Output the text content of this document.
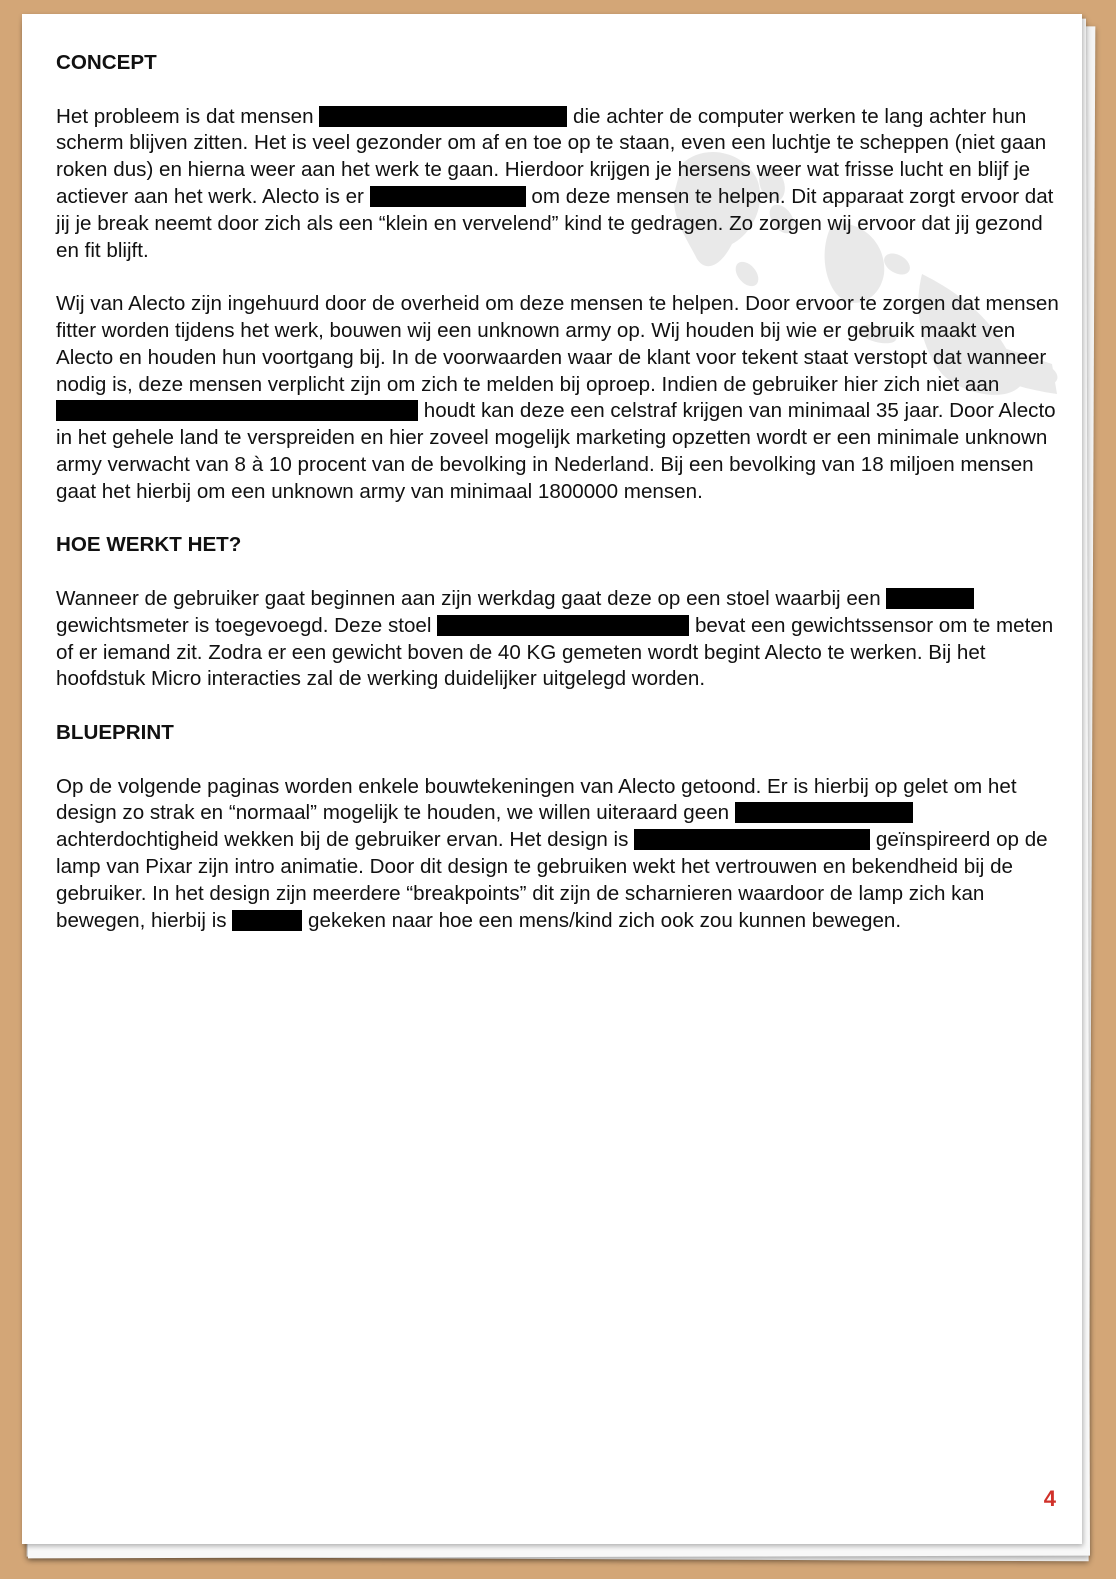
CONCEPT

Het probleem is dat mensen	die achter de computer werken te lang achter hun scherm blijven zitten. Het is veel gezonder om af en toe op te staan, even een luchtje te scheppen (niet gaan roken dus) en hierna weer aan het werk te gaan. Hierdoor krijgen je hersens weer wat frisse lucht en blijf je actiever aan het werk. Alecto is er	om deze mensen te helpen. Dit apparaat zorgt ervoor dat jij je break neemt door zich als een “klein en vervelend” kind te gedragen. Zo zorgen wij ervoor dat jij gezond en fit blijft.

Wij van Alecto zijn ingehuurd door de overheid om deze mensen te helpen. Door ervoor te zorgen dat mensen fitter worden tijdens het werk, bouwen wij een unknown army op. Wij houden bij wie er gebruik maakt ven Alecto en houden hun voortgang bij. In de voorwaarden waar de klant voor tekent staat verstopt dat wanneer nodig is, deze mensen verplicht zijn om zich te melden bij oproep. Indien de gebruiker hier zich niet aan  houdt kan deze een celstraf krijgen van minimaal 35 jaar. Door Alecto in het gehele land te verspreiden en hier zoveel mogelijk marketing opzetten wordt er een minimale unknown army verwacht van 8 à 10 procent van de bevolking in Nederland. Bij een bevolking van 18 miljoen mensen gaat het hierbij om een unknown army van minimaal 1800000 mensen.

HOE WERKT HET?

Wanneer de gebruiker gaat beginnen aan zijn werkdag gaat deze op een stoel waarbij een  gewichtsmeter is toegevoegd. Deze stoel	bevat een gewichtssensor om te meten of er iemand zit. Zodra er een gewicht boven de 40 KG gemeten wordt begint Alecto te werken. Bij het hoofdstuk Micro interacties zal de werking duidelijker uitgelegd worden.

BLUEPRINT

Op de volgende paginas worden enkele bouwtekeningen van Alecto getoond. Er is hierbij op gelet om het design zo strak en “normaal” mogelijk te houden, we willen uiteraard geen  achterdochtigheid wekken bij de gebruiker ervan. Het design is	geïnspireerd op de lamp van Pixar zijn intro animatie. Door dit design te gebruiken wekt het vertrouwen en bekendheid bij de gebruiker. In het design zijn meerdere “breakpoints” dit zijn de scharnieren waardoor de lamp zich kan bewegen, hierbij is	gekeken naar hoe een mens/kind zich ook zou kunnen bewegen.

4
